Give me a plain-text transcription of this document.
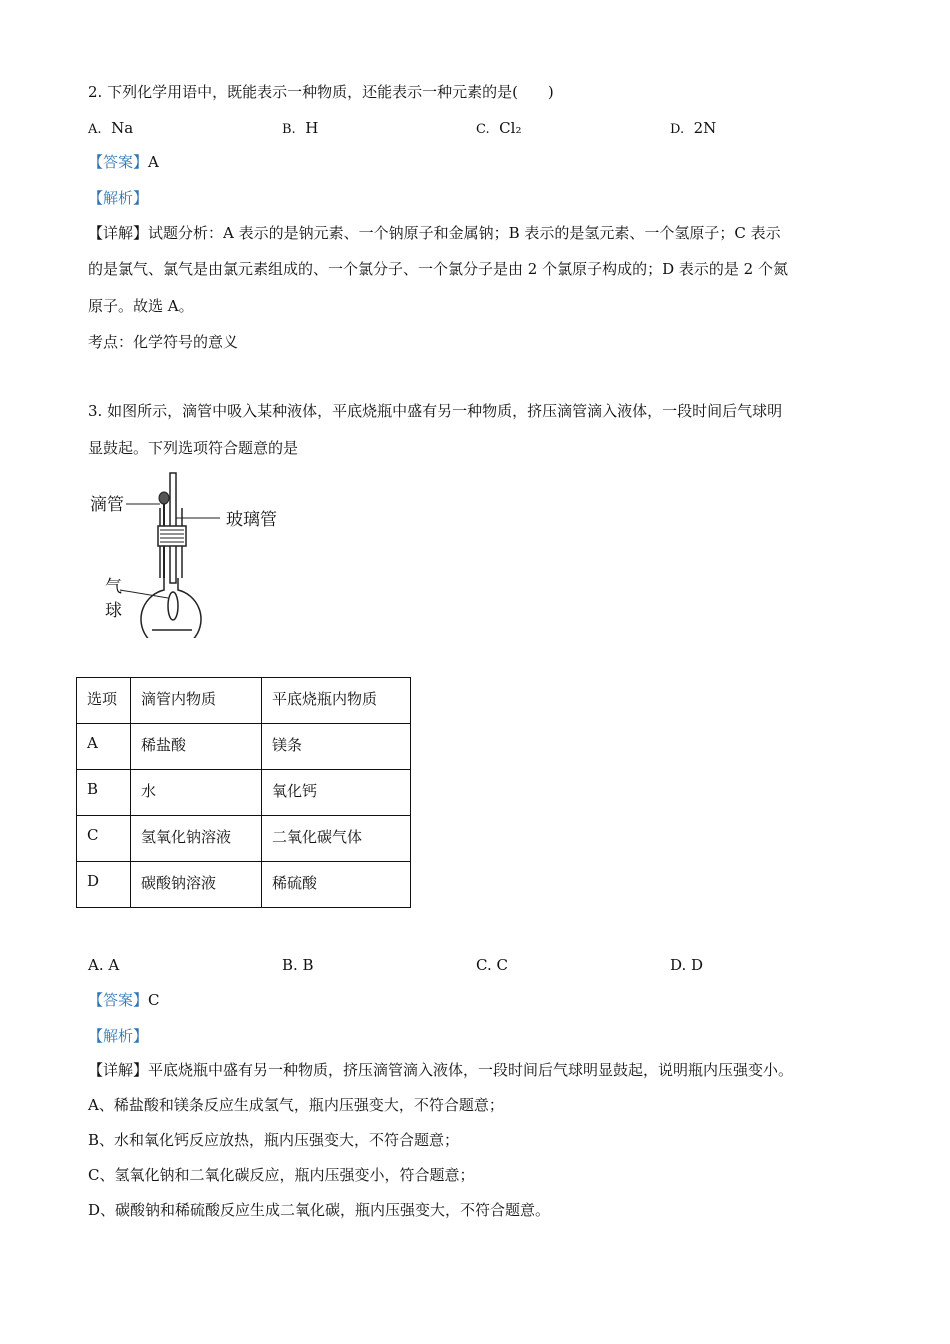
2. 下列化学用语中，既能表示一种物质，还能表示一种元素的是(　　)
A. Na	B. H	C. Cl₂	D. 2N
【答案】A
【解析】
【详解】试题分析：A 表示的是钠元素、一个钠原子和金属钠；B 表示的是氢元素、一个氢原子；C 表示
的是氯气、氯气是由氯元素组成的、一个氯分子、一个氯分子是由 2 个氯原子构成的；D 表示的是 2 个氮
原子。故选 A。
考点：化学符号的意义
3. 如图所示，滴管中吸入某种液体，平底烧瓶中盛有另一种物质，挤压滴管滴入液体，一段时间后气球明
显鼓起。下列选项符合题意的是
滴管
玻璃管
气
球
选项	滴管内物质	平底烧瓶内物质
A	稀盐酸	镁条
B	水	氧化钙
C	氢氧化钠溶液	二氧化碳气体
D	碳酸钠溶液	稀硫酸
A. A	B. B	C. C	D. D
【答案】C
【解析】
【详解】平底烧瓶中盛有另一种物质，挤压滴管滴入液体，一段时间后气球明显鼓起，说明瓶内压强变小。
A、稀盐酸和镁条反应生成氢气，瓶内压强变大，不符合题意；
B、水和氧化钙反应放热，瓶内压强变大，不符合题意；
C、氢氧化钠和二氧化碳反应，瓶内压强变小，符合题意；
D、碳酸钠和稀硫酸反应生成二氧化碳，瓶内压强变大，不符合题意。
